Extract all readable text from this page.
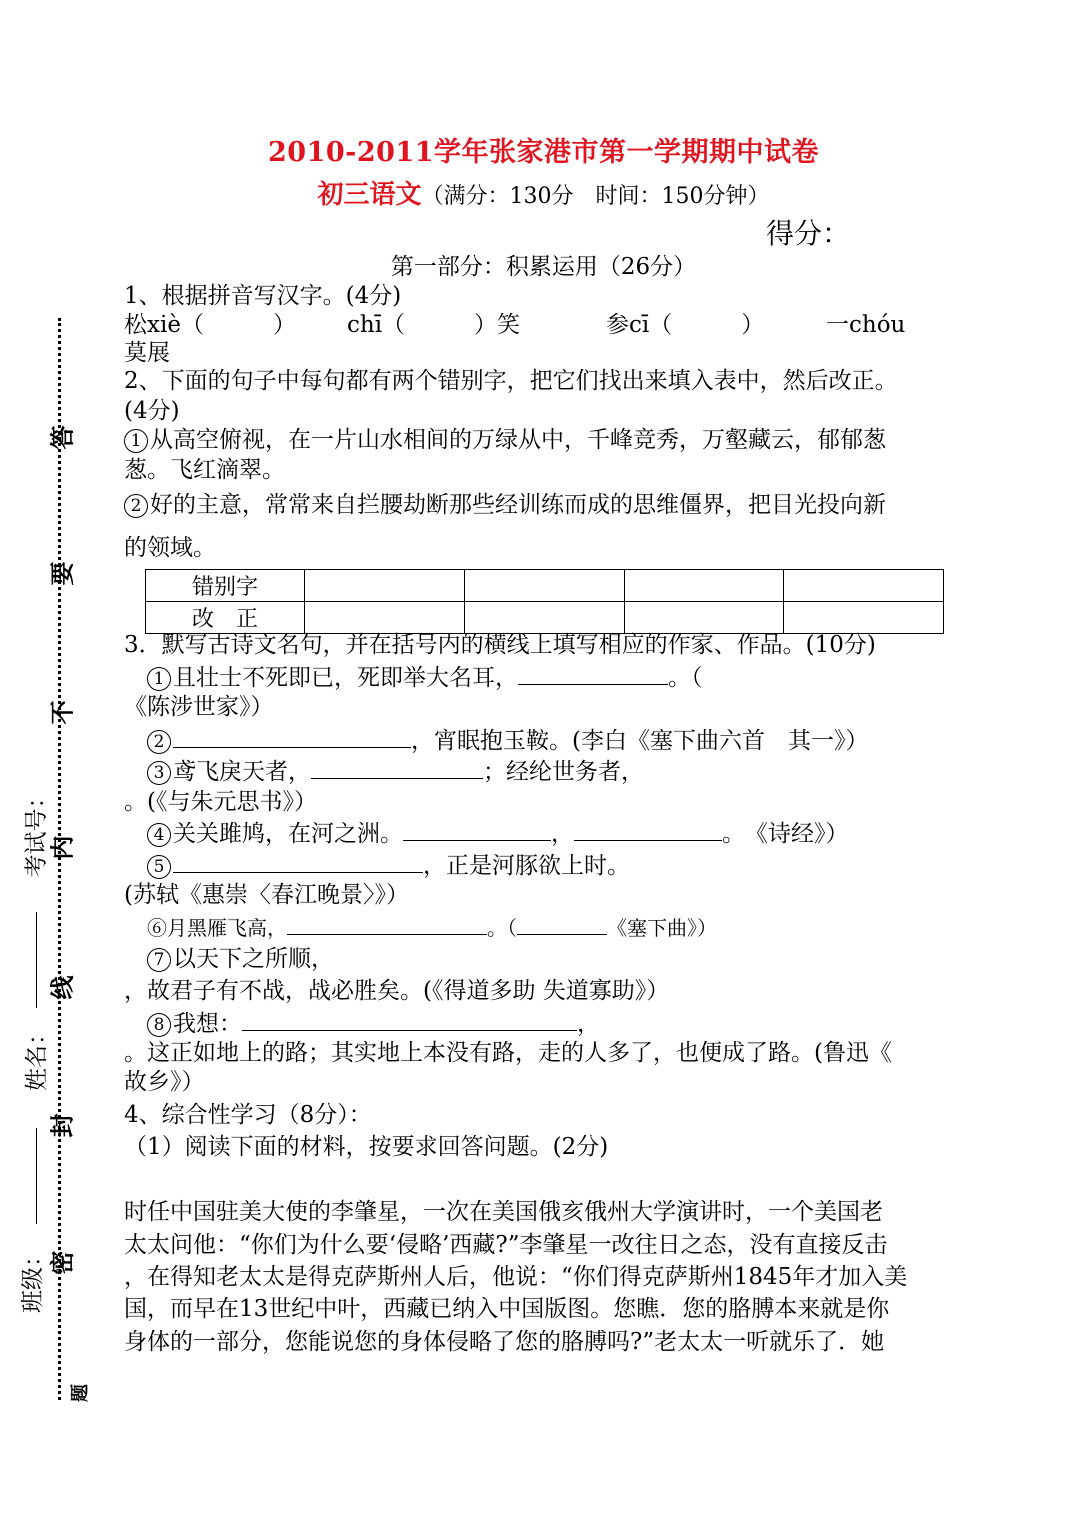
2010-2011学年张家港市第一学期期中试卷
初三语文（满分：130分　时间：150分钟）
得分：
第一部分：积累运用（26分）
1、根据拼音写汉字。(4分)
松xiè（　　　） chī（　　　）笑	参cī（　　　）	一chóu
莫展
2、下面的句子中每句都有两个错别字，把它们找出来填入表中，然后改正。
(4分)
1 从高空俯视，在一片山水相间的万绿从中，千峰竞秀，万壑藏云，郁郁葱
葱。飞红滴翠。
2 好的主意，常常来自拦腰劫断那些经训练而成的思维僵界，把目光投向新
的领域。
错别字				
改　正				
3．默写古诗文名句，并在括号内的横线上填写相应的作家、作品。(10分)
1 且壮士不死即已，死即举大名耳，	。（
《陈涉世家》）
2	，宵眠抱玉鞍。(李白《塞下曲六首　其一》）
3 鸢飞戾天者，	；经纶世务者，
。(《与朱元思书》）
4 关关雎鸠，在河之洲。	，	。　《诗经》）
5	，正是河豚欲上时。
(苏轼《惠崇〈春江晚景〉》）
⑥月黑雁飞高，	。（	《塞下曲》）
7 以天下之所顺，
，故君子有不战，战必胜矣。(《得道多助 失道寡助》）
8 我想：	，
。这正如地上的路；其实地上本没有路，走的人多了，也便成了路。(鲁迅《
故乡》）
4、综合性学习（8分）：
（1）阅读下面的材料，按要求回答问题。(2分)
时任中国驻美大使的李肇星，一次在美国俄亥俄州大学演讲时，一个美国老
太太问他：“你们为什么要‘侵略’西藏?”李肇星一改往日之态，没有直接反击
，在得知老太太是得克萨斯州人后，他说：“你们得克萨斯州1845年才加入美
国，而早在13世纪中叶，西藏已纳入中国版图。您瞧．您的胳膊本来就是你
身体的一部分，您能说您的身体侵略了您的胳膊吗?”老太太一听就乐了．她
答
要
不
内
线
封
密
题
考试号：
姓名：
班级：
